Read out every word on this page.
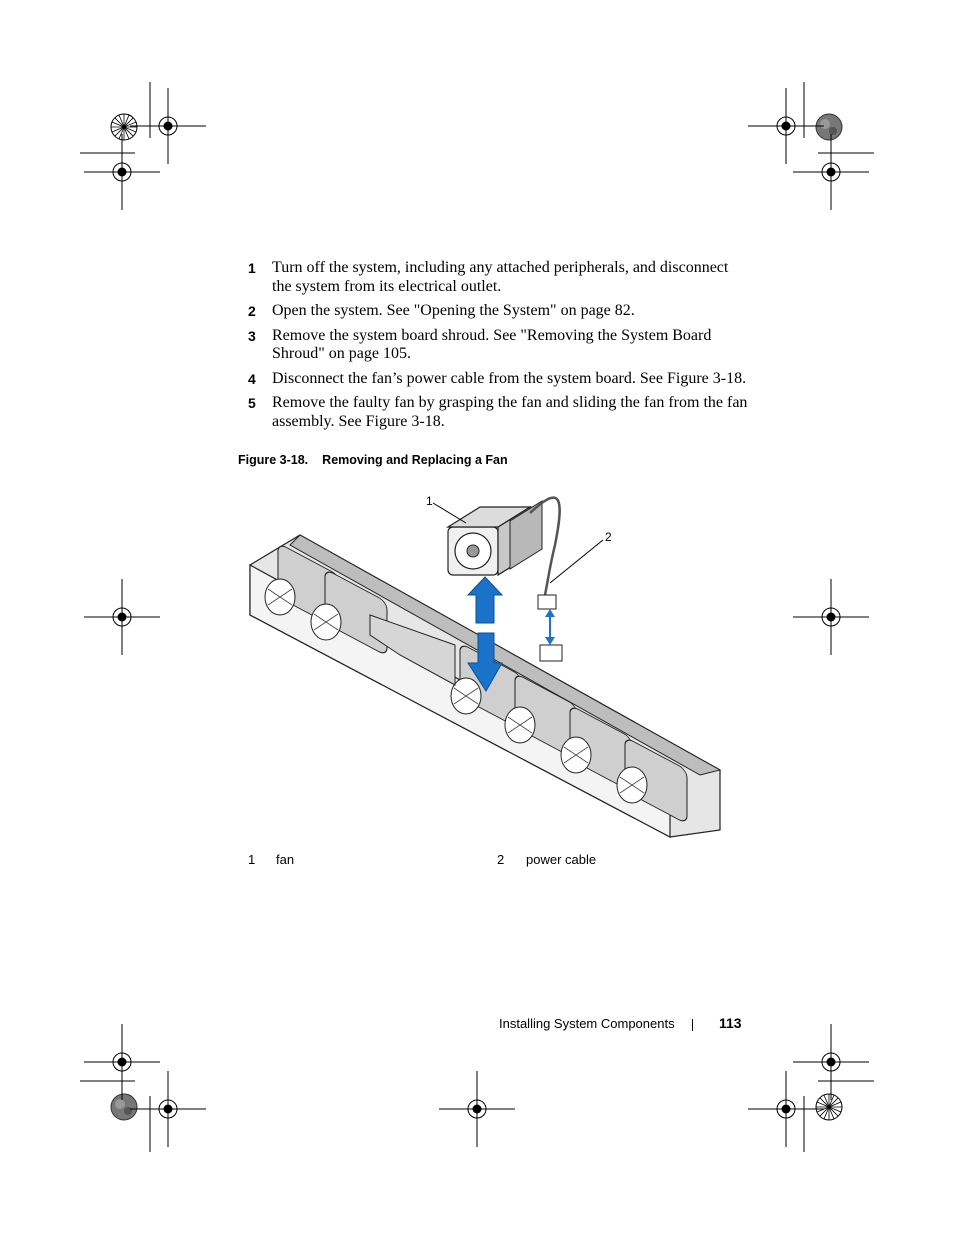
1	Turn off the system, including any attached peripherals, and disconnect the system from its electrical outlet.
2	Open the system. See "Opening the System" on page 82.
3	Remove the system board shroud. See "Removing the System Board Shroud" on page 105.
4	Disconnect the fan’s power cable from the system board. See Figure 3-18.
5	Remove the faulty fan by grasping the fan and sliding the fan from the fan assembly. See Figure 3-18.
Figure 3-18. Removing and Replacing a Fan
1
2
1 fan	2 power cable
Installing System Components	113
